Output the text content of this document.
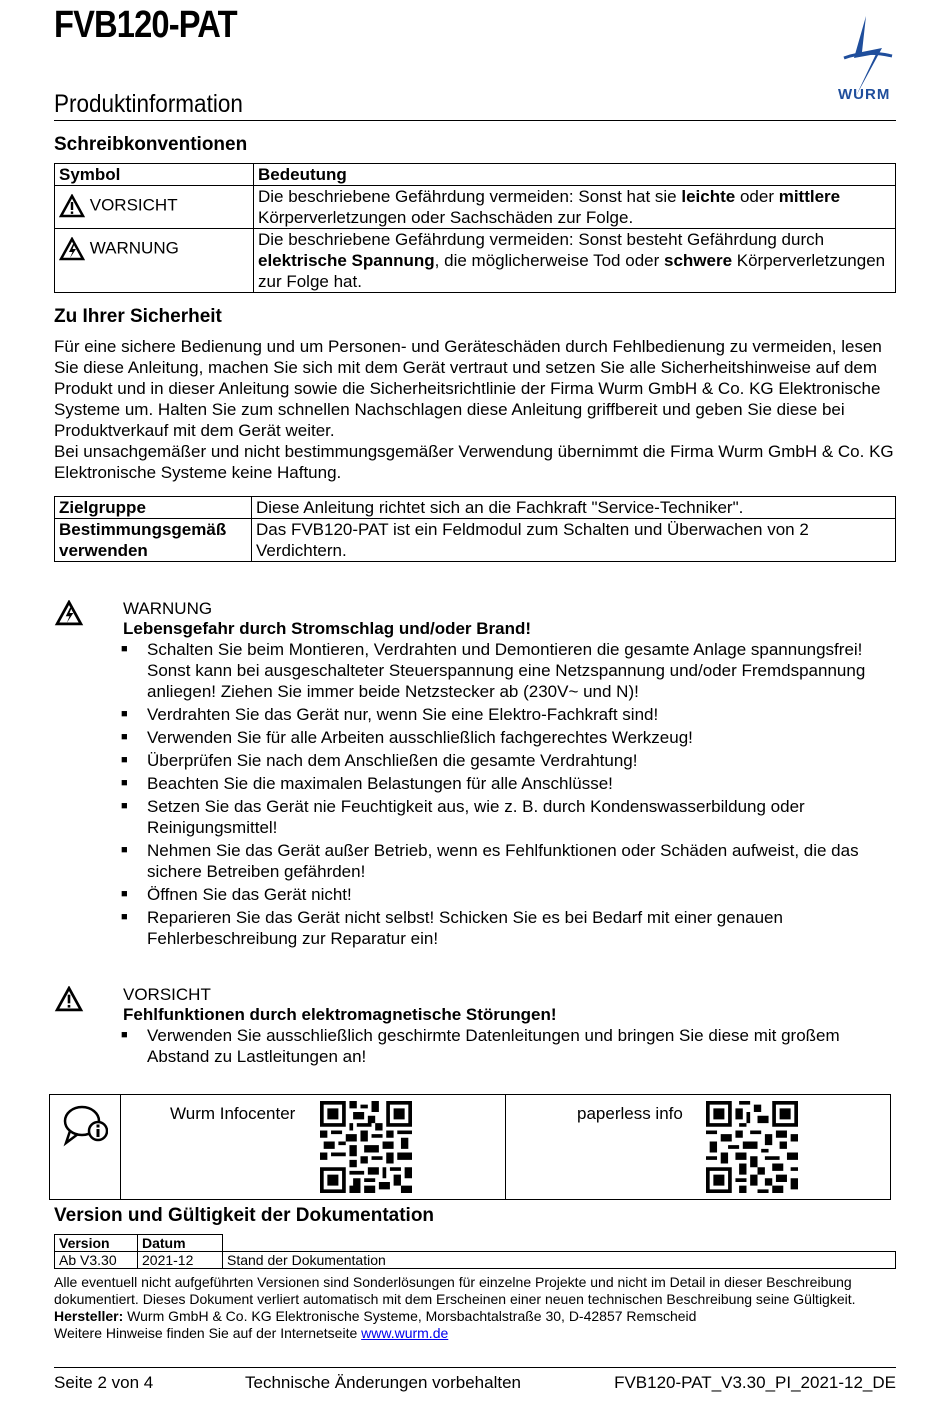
FVB120-PAT
Produktinformation	WURM
Schreibkonventionen
Symbol	Bedeutung
VORSICHT	Die beschriebene Gefährdung vermeiden: Sonst hat sie leichte oder mittlere Körperverletzungen oder Sachschäden zur Folge.
WARNUNG	Die beschriebene Gefährdung vermeiden: Sonst besteht Gefährdung durch elektrische Spannung, die möglicherweise Tod oder schwere Körperverletzungen zur Folge hat.
Zu Ihrer Sicherheit
Für eine sichere Bedienung und um Personen- und Geräteschäden durch Fehlbedienung zu vermeiden, lesen Sie diese Anleitung, machen Sie sich mit dem Gerät vertraut und setzen Sie alle Sicherheitshinweise auf dem Produkt und in dieser Anleitung sowie die Sicherheitsrichtlinie der Firma Wurm GmbH & Co. KG Elektronische Systeme um. Halten Sie zum schnellen Nachschlagen diese Anleitung griffbereit und geben Sie diese bei Produktverkauf mit dem Gerät weiter.
Bei unsachgemäßer und nicht bestimmungsgemäßer Verwendung übernimmt die Firma Wurm GmbH & Co. KG Elektronische Systeme keine Haftung.
Zielgruppe	Diese Anleitung richtet sich an die Fachkraft "Service-Techniker".
Bestimmungsgemäß verwenden	Das FVB120-PAT ist ein Feldmodul zum Schalten und Überwachen von 2 Verdichtern.
WARNUNG
Lebensgefahr durch Stromschlag und/oder Brand!
■ Schalten Sie beim Montieren, Verdrahten und Demontieren die gesamte Anlage spannungsfrei! Sonst kann bei ausgeschalteter Steuerspannung eine Netzspannung und/oder Fremdspannung anliegen! Ziehen Sie immer beide Netzstecker ab (230V~ und N)!
■ Verdrahten Sie das Gerät nur, wenn Sie eine Elektro-Fachkraft sind!
■ Verwenden Sie für alle Arbeiten ausschließlich fachgerechtes Werkzeug!
■ Überprüfen Sie nach dem Anschließen die gesamte Verdrahtung!
■ Beachten Sie die maximalen Belastungen für alle Anschlüsse!
■ Setzen Sie das Gerät nie Feuchtigkeit aus, wie z. B. durch Kondenswasserbildung oder Reinigungsmittel!
■ Nehmen Sie das Gerät außer Betrieb, wenn es Fehlfunktionen oder Schäden aufweist, die das sichere Betreiben gefährden!
■ Öffnen Sie das Gerät nicht!
■ Reparieren Sie das Gerät nicht selbst! Schicken Sie es bei Bedarf mit einer genauen Fehlerbeschreibung zur Reparatur ein!
VORSICHT
Fehlfunktionen durch elektromagnetische Störungen!
■ Verwenden Sie ausschließlich geschirmte Datenleitungen und bringen Sie diese mit großem Abstand zu Lastleitungen an!
Wurm Infocenter	paperless info
Version und Gültigkeit der Dokumentation
Version	Datum	
Ab V3.30	2021-12	Stand der Dokumentation
Alle eventuell nicht aufgeführten Versionen sind Sonderlösungen für einzelne Projekte und nicht im Detail in dieser Beschreibung dokumentiert. Dieses Dokument verliert automatisch mit dem Erscheinen einer neuen technischen Beschreibung seine Gültigkeit.
Hersteller: Wurm GmbH & Co. KG Elektronische Systeme, Morsbachtalstraße 30, D-42857 Remscheid
Weitere Hinweise finden Sie auf der Internetseite www.wurm.de
Seite 2 von 4	Technische Änderungen vorbehalten	FVB120-PAT_V3.30_PI_2021-12_DE
